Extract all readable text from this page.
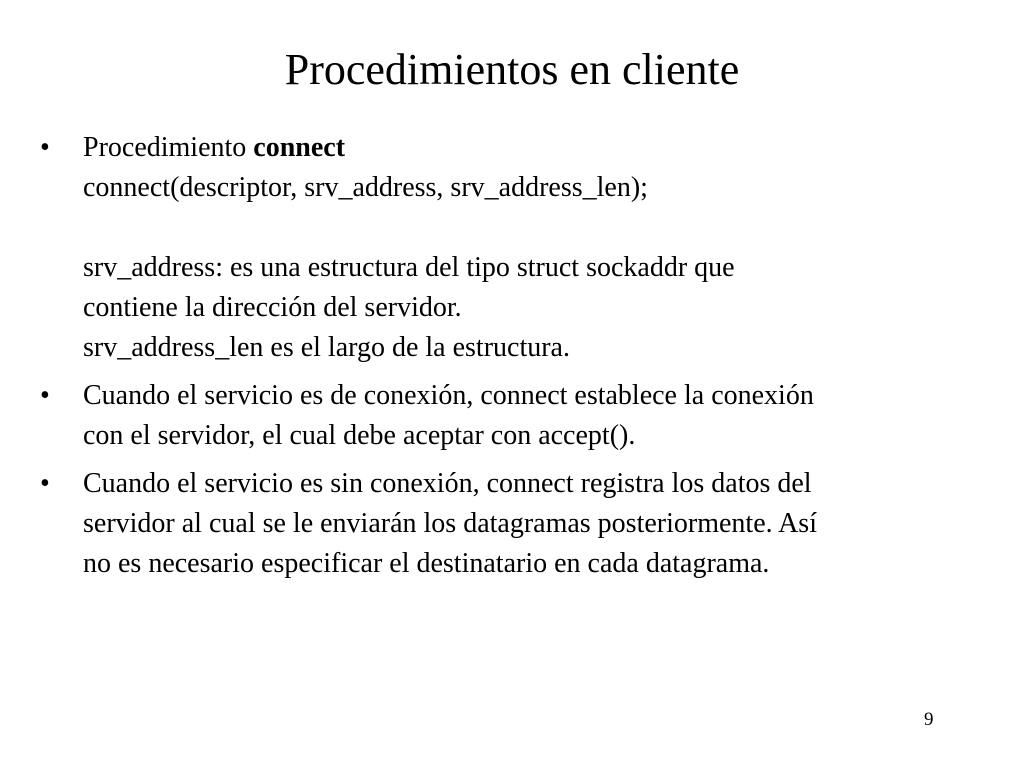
Procedimientos en cliente
•	Procedimiento connect
connect(descriptor, srv_address, srv_address_len);
srv_address: es una estructura del tipo struct sockaddr que
contiene la dirección del servidor.
srv_address_len es el largo de la estructura.
•	Cuando el servicio es de conexión, connect establece la conexión
con el servidor, el cual debe aceptar con accept().
•	Cuando el servicio es sin conexión, connect registra los datos del
servidor al cual se le enviarán los datagramas posteriormente. Así
no es necesario especificar el destinatario en cada datagrama.
9
